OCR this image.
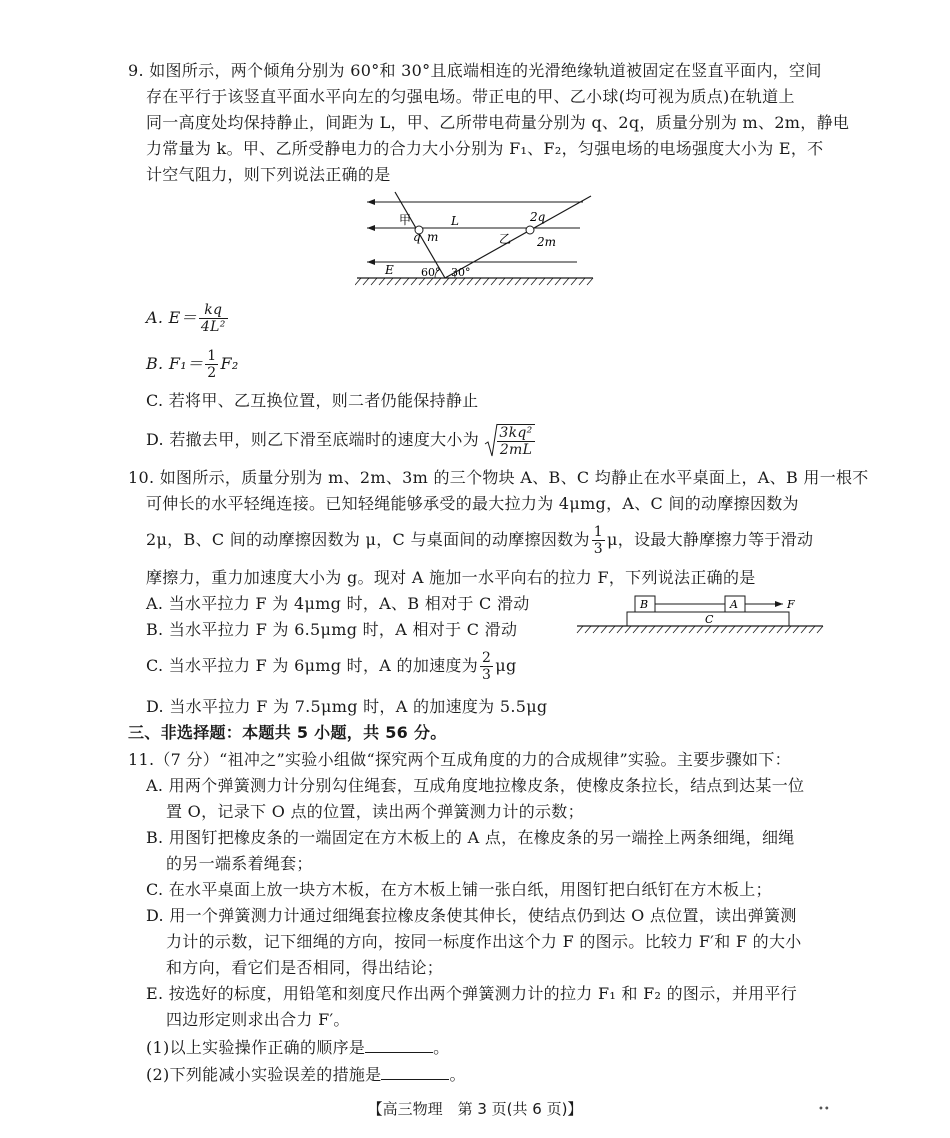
9. 如图所示，两个倾角分别为 60°和 30°且底端相连的光滑绝缘轨道被固定在竖直平面内，空间
存在平行于该竖直平面水平向左的匀强电场。带正电的甲、乙小球(均可视为质点)在轨道上
同一高度处均保持静止，间距为 L，甲、乙所带电荷量分别为 q、2q，质量分别为 m、2m，静电
力常量为 k。甲、乙所受静电力的合力大小分别为 F₁、F₂，匀强电场的电场强度大小为 E，不
计空气阻力，则下列说法正确的是
甲
q m
L	2q
乙 2m
E 60° 30°
A. $E= \frac{kq}{\text{4L²}}$
B. $F_1= \frac{1}{2} F_2$
C. 若将甲、乙互换位置，则二者仍能保持静止
D. 若撤去甲，则乙下滑至底端时的速度大小为 $\frac{\text{3kq²}}{2mL}$
10. 如图所示，质量分别为 m、2m、3m 的三个物块 A、B、C 均静止在水平桌面上，A、B 用一根不
可伸长的水平轻绳连接。已知轻绳能够承受的最大拉力为 4μmg，A、C 间的动摩擦因数为
2μ，B、C 间的动摩擦因数为 μ，C 与桌面间的动摩擦因数为 $\frac{1}{3}$ μ，设最大静摩擦力等于滑动
摩擦力，重力加速度大小为 g。现对 A 施加一水平向右的拉力 F，下列说法正确的是
A. 当水平拉力 F 为 4μmg 时，A、B 相对于 C 滑动
B. 当水平拉力 F 为 6.5μmg 时，A 相对于 C 滑动
B	A
C
F
C. 当水平拉力 F 为 6μmg 时，A 的加速度为 $\frac{2}{3}$ μg
D. 当水平拉力 F 为 7.5μmg 时，A 的加速度为 5.5μg
三、非选择题：本题共 5 小题，共 56 分。
11.（7 分）“祖冲之”实验小组做“探究两个互成角度的力的合成规律”实验。主要步骤如下：
A. 用两个弹簧测力计分别勾住绳套，互成角度地拉橡皮条，使橡皮条拉长，结点到达某一位
置 O，记录下 O 点的位置，读出两个弹簧测力计的示数；
B. 用图钉把橡皮条的一端固定在方木板上的 A 点，在橡皮条的另一端拴上两条细绳，细绳
的另一端系着绳套；
C. 在水平桌面上放一块方木板，在方木板上铺一张白纸，用图钉把白纸钉在方木板上；
D. 用一个弹簧测力计通过细绳套拉橡皮条使其伸长，使结点仍到达 O 点位置，读出弹簧测
力计的示数，记下细绳的方向，按同一标度作出这个力 F 的图示。比较力 F′和 F 的大小
和方向，看它们是否相同，得出结论；
E. 按选好的标度，用铅笔和刻度尺作出两个弹簧测力计的拉力 F₁ 和 F₂ 的图示，并用平行
四边形定则求出合力 F′。
(1)以上实验操作正确的顺序是	。
(2)下列能减小实验误差的措施是	。
【高三物理　第 3 页(共 6 页)】	••
